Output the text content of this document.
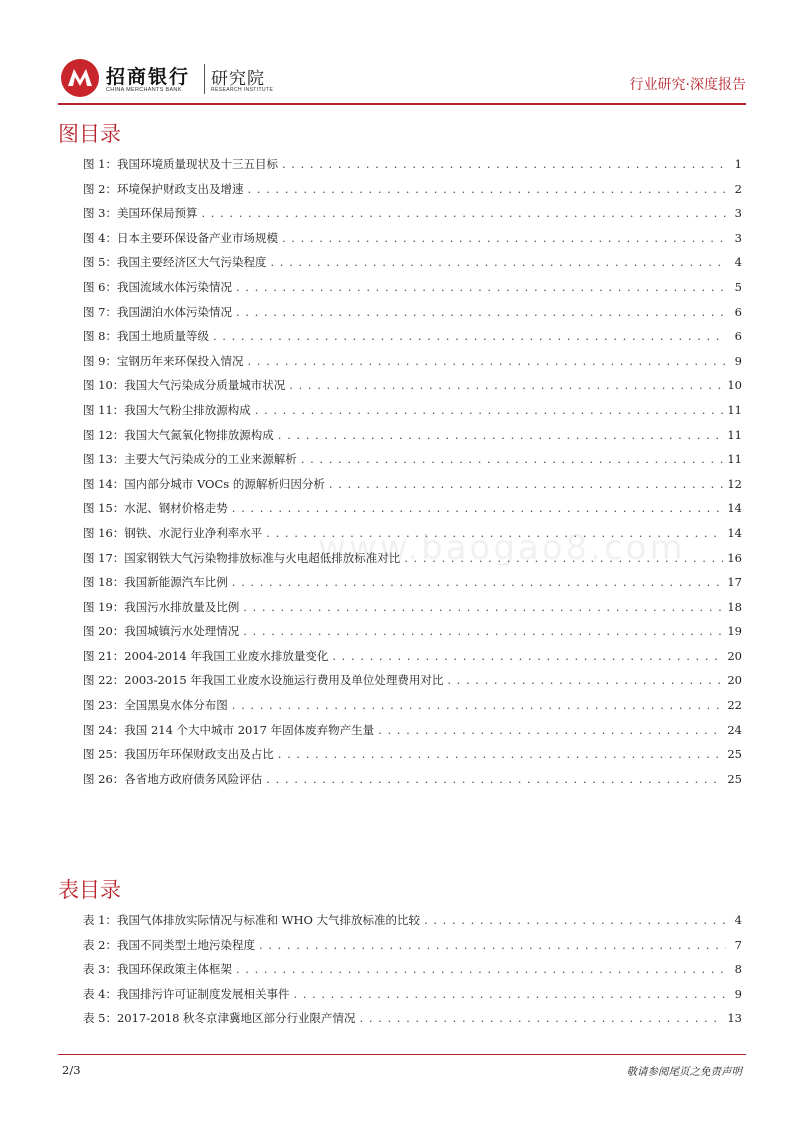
招商银行
CHINA MERCHANTS BANK
研究院
RESEARCH INSTITUTE	行业研究·深度报告
图目录
图 1：我国环境质量现状及十三五目标 . . .	1
图 2：环境保护财政支出及增速 . . .	2
图 3：美国环保局预算 . . .	3
图 4：日本主要环保设备产业市场规模 . . .	3
图 5：我国主要经济区大气污染程度 . . .	4
图 6：我国流域水体污染情况 . . .	5
图 7：我国湖泊水体污染情况 . . .	6
图 8：我国土地质量等级 . . .	6
图 9：宝钢历年来环保投入情况 . . .	9
图 10：我国大气污染成分质量城市状况 . . .	10
图 11：我国大气粉尘排放源构成 . . .	11
图 12：我国大气氮氧化物排放源构成 . . .	11
图 13：主要大气污染成分的工业来源解析 . . .	11
图 14：国内部分城市 VOCs 的源解析归因分析 . . .	12
图 15：水泥、钢材价格走势 . . .	14
图 16：钢铁、水泥行业净利率水平 . . .	14
图 17：国家钢铁大气污染物排放标准与火电超低排放标准对比 . . .	16
图 18：我国新能源汽车比例 . . .	17
图 19：我国污水排放量及比例 . . .	18
图 20：我国城镇污水处理情况 . . .	19
图 21：2004-2014 年我国工业废水排放量变化 . . .	20
图 22：2003-2015 年我国工业废水设施运行费用及单位处理费用对比 . . .	20
图 23：全国黑臭水体分布图 . . .	22
图 24：我国 214 个大中城市 2017 年固体废弃物产生量 . . .	24
图 25：我国历年环保财政支出及占比 . . .	25
图 26：各省地方政府债务风险评估 . . .	25
www.baogao8.com
表目录
表 1：我国气体排放实际情况与标准和 WHO 大气排放标准的比较 . . .	4
表 2：我国不同类型土地污染程度 . . .	7
表 3：我国环保政策主体框架 . . .	8
表 4：我国排污许可证制度发展相关事件 . . .	9
表 5：2017-2018 秋冬京津冀地区部分行业限产情况 . . .	13
2/3	敬请参阅尾页之免责声明
